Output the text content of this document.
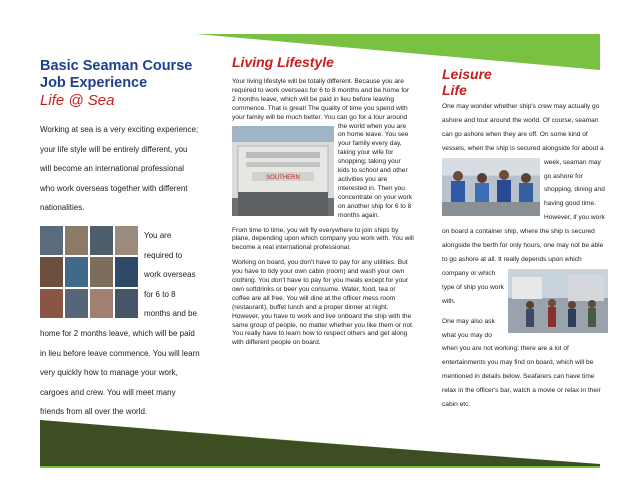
Basic Seaman Course
Job Experience
Life @ Sea

Working at sea is a very exciting experience; your life style will be entirely different, you will become an international professional who work overseas together with different nationalities.

You are required to work overseas for 6 to 8 months and be home for 2 months leave, which will be paid in lieu before leave commence. You will learn very quickly how to manage your work, cargoes and crew. You will meet many friends from all over the world.
Living Lifestyle
Your living lifestyle will be totally different. Because you are required to work overseas for 6 to 8 months and be home for 2 months leave, which will be paid in lieu before leaving commence. That is great! The quality of time you spend with your family will be much better. You can go for a tour
SOUTHERN
around the world when you are on home leave. You see your family every day, taking your wife for shopping; taking your kids to school and other activities you are interested in. Then you concentrate on your work on another ship for 6 to 8 months again.

From time to time, you will fly everywhere to join ships by plane, depending upon which company you work with. You will become a real international professional.

Working on board, you don't have to pay for any utilities. But you have to tidy your own cabin (room) and wash your own clothing. You don't have to pay for you meals except for your own softdrinks or beer you consume. Water, food, tea or coffee are all free. You will dine at the officer mess room (restaurant), buffet lunch and a proper dinner at night. However, you have to work and live onboard the ship with the same group of people, no matter whether you like them or not. You really have to learn how to respect others and get along with different people on board.

Leisure
Life
One may wonder whether ship's crew may actually go ashore and tour around the world. Of course, seaman can go ashore when they are off. On some kind of vessels, when the ship is secured alongside for about a week, seaman may go ashore for shopping, dining and having good time. However, if you work on board a container ship, where the ship is secured alongside the berth for only hours, one may not be able to go ashore at all. It really depends upon which company or which type of ship you work with.
One may also ask what you may do when you are not working; there are a lot of entertainments you may find on board, which will be mentioned in details below. Seafarers can have time relax in the officer's bar, watch a movie or relax in their cabin etc.
